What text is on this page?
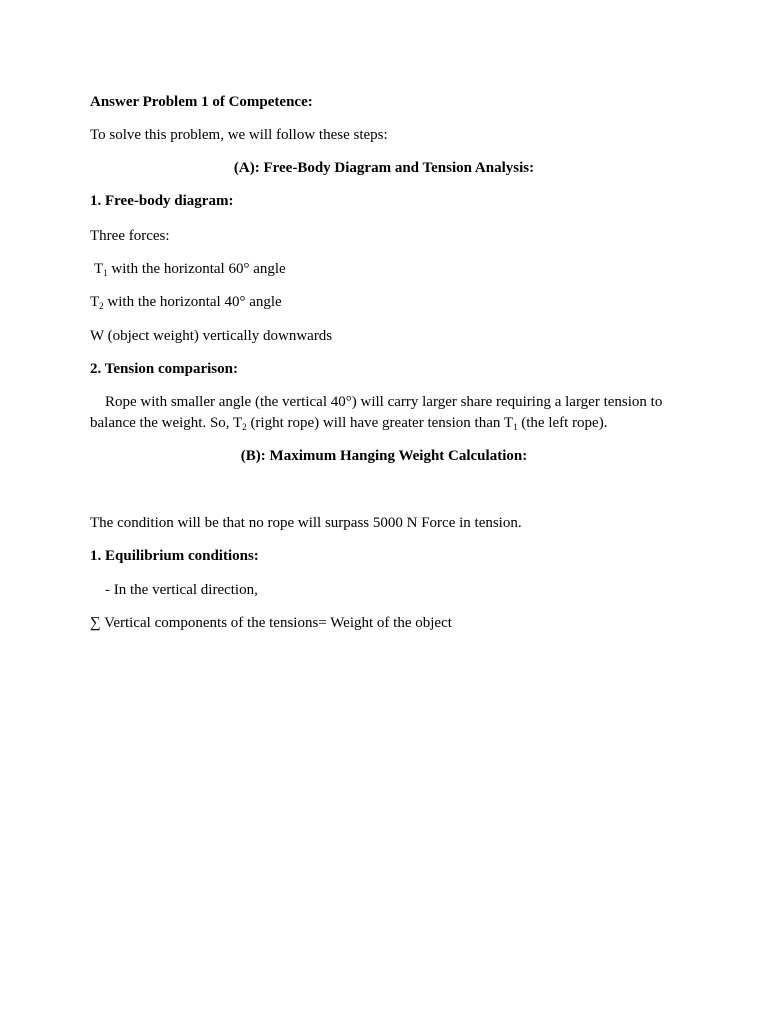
Answer Problem 1 of Competence:
To solve this problem, we will follow these steps:
(A): Free-Body Diagram and Tension Analysis:
1. Free-body diagram:
Three forces:
$T_1$ with the horizontal 60° angle
$T_2$ with the horizontal 40° angle
W (object weight) vertically downwards
2. Tension comparison:
Rope with smaller angle (the vertical 40°) will carry larger share requiring a larger tension to balance the weight. So, $T_2$ (right rope) will have greater tension than $T_1$ (the left rope).
(B): Maximum Hanging Weight Calculation:
The condition will be that no rope will surpass 5000 N Force in tension.
1. Equilibrium conditions:
- In the vertical direction,
∑ Vertical components of the tensions= Weight of the object
